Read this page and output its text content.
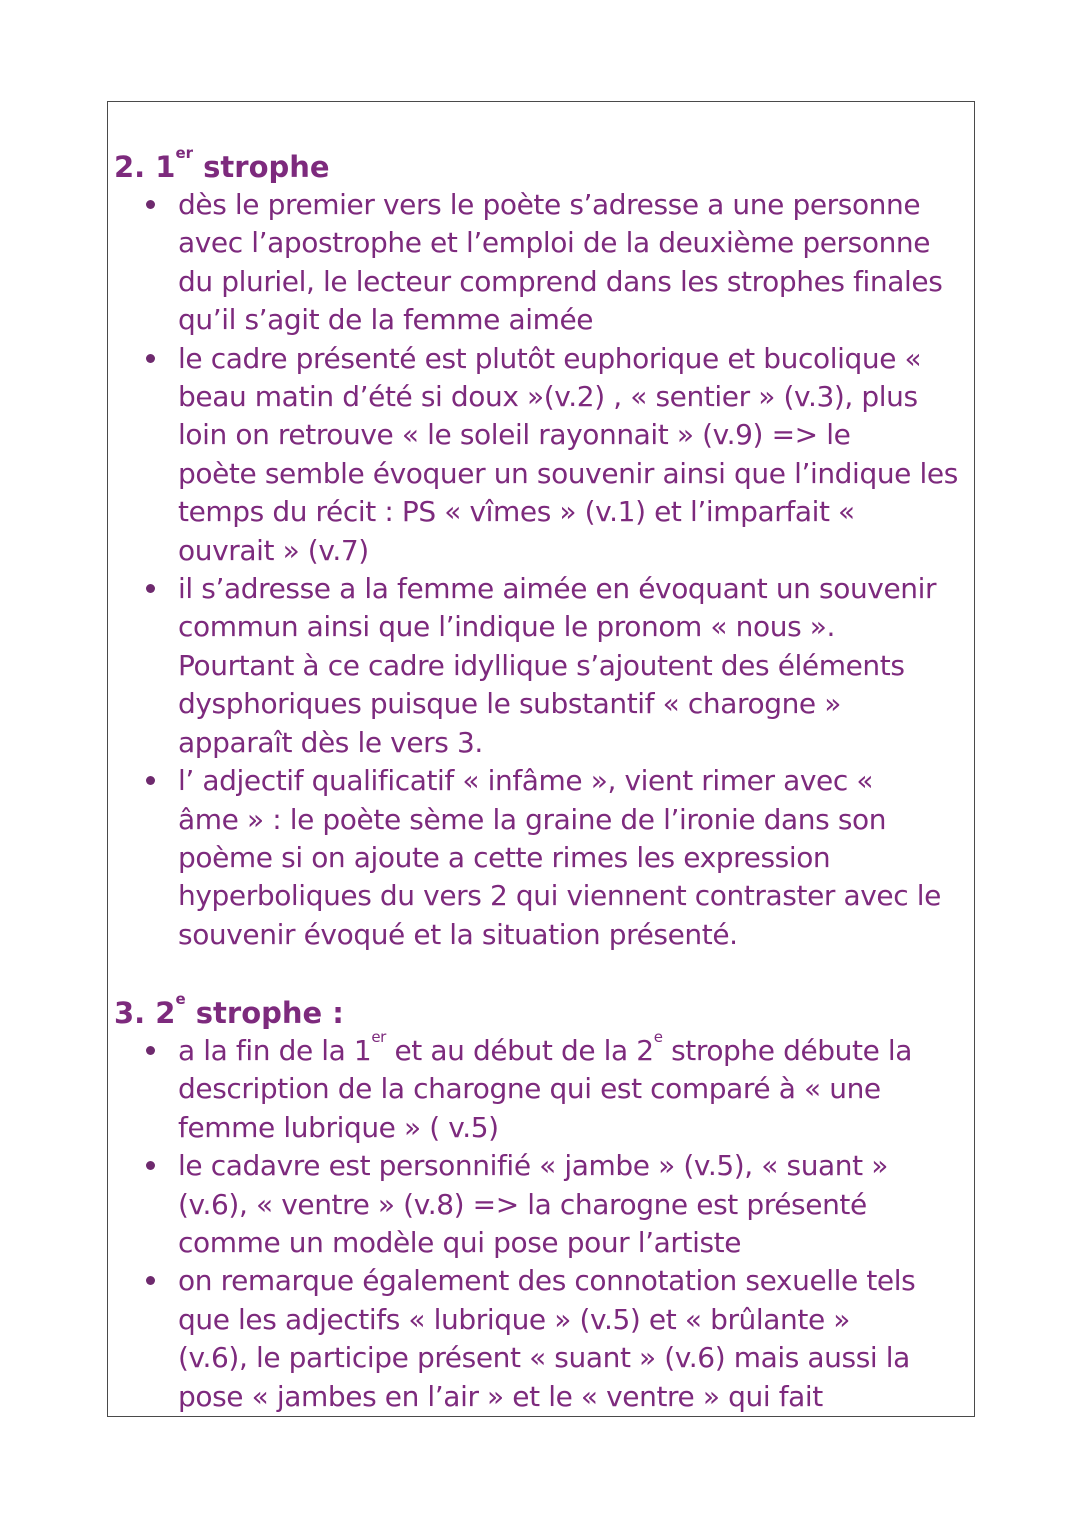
2. 1er strophe

dès le premier vers le poète s’adresse a une personne
avec l’apostrophe et l’emploi de la deuxième personne
du pluriel, le lecteur comprend dans les strophes finales
qu’il s’agit de la femme aimée
le cadre présenté est plutôt euphorique et bucolique «
beau matin d’été si doux »(v.2) , « sentier » (v.3), plus
loin on retrouve « le soleil rayonnait » (v.9) => le
poète semble évoquer un souvenir ainsi que l’indique les
temps du récit : PS « vîmes » (v.1) et l’imparfait «
ouvrait » (v.7)
il s’adresse a la femme aimée en évoquant un souvenir
commun ainsi que l’indique le pronom « nous ».
Pourtant à ce cadre idyllique s’ajoutent des éléments
dysphoriques puisque le substantif « charogne »
apparaît dès le vers 3.
l’ adjectif qualificatif « infâme », vient rimer avec «
âme » : le poète sème la graine de l’ironie dans son
poème si on ajoute a cette rimes les expression
hyperboliques du vers 2 qui viennent contraster avec le
souvenir évoqué et la situation présenté.

3. 2e strophe :

a la fin de la 1er et au début de la 2e strophe débute la
description de la charogne qui est comparé à « une
femme lubrique » ( v.5)
le cadavre est personnifié « jambe » (v.5), « suant »
(v.6), « ventre » (v.8) => la charogne est présenté
comme un modèle qui pose pour l’artiste
on remarque également des connotation sexuelle tels
que les adjectifs « lubrique » (v.5) et « brûlante »
(v.6), le participe présent « suant » (v.6) mais aussi la
pose « jambes en l’air » et le « ventre » qui fait
